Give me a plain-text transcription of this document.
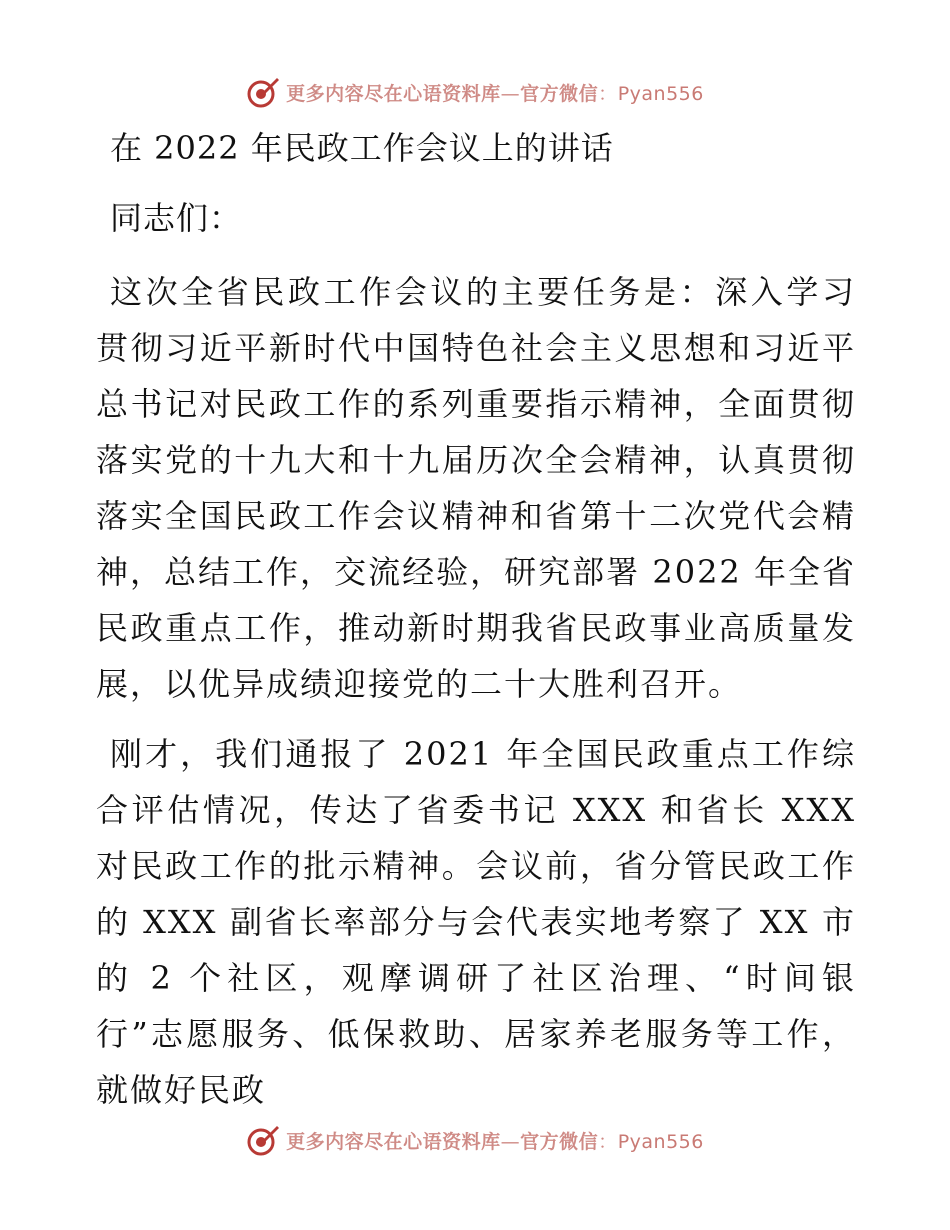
更多内容尽在心语资料库—官方微信：Pyan556
在 2022 年民政工作会议上的讲话
同志们：

这次全省民政工作会议的主要任务是：深入学习贯彻习近平新时代中国特色社会主义思想和习近平总书记对民政工作的系列重要指示精神，全面贯彻落实党的十九大和十九届历次全会精神，认真贯彻落实全国民政工作会议精神和省第十二次党代会精神，总结工作，交流经验，研究部署 2022 年全省民政重点工作，推动新时期我省民政事业高质量发展，以优异成绩迎接党的二十大胜利召开。

刚才，我们通报了 2021 年全国民政重点工作综合评估情况，传达了省委书记 XXX 和省长 XXX 对民政工作的批示精神。会议前，省分管民政工作的 XXX 副省长率部分与会代表实地考察了 XX 市的 2 个社区，观摩调研了社区治理、“时间银行”志愿服务、低保救助、居家养老服务等工作，就做好民政

更多内容尽在心语资料库—官方微信：Pyan556
